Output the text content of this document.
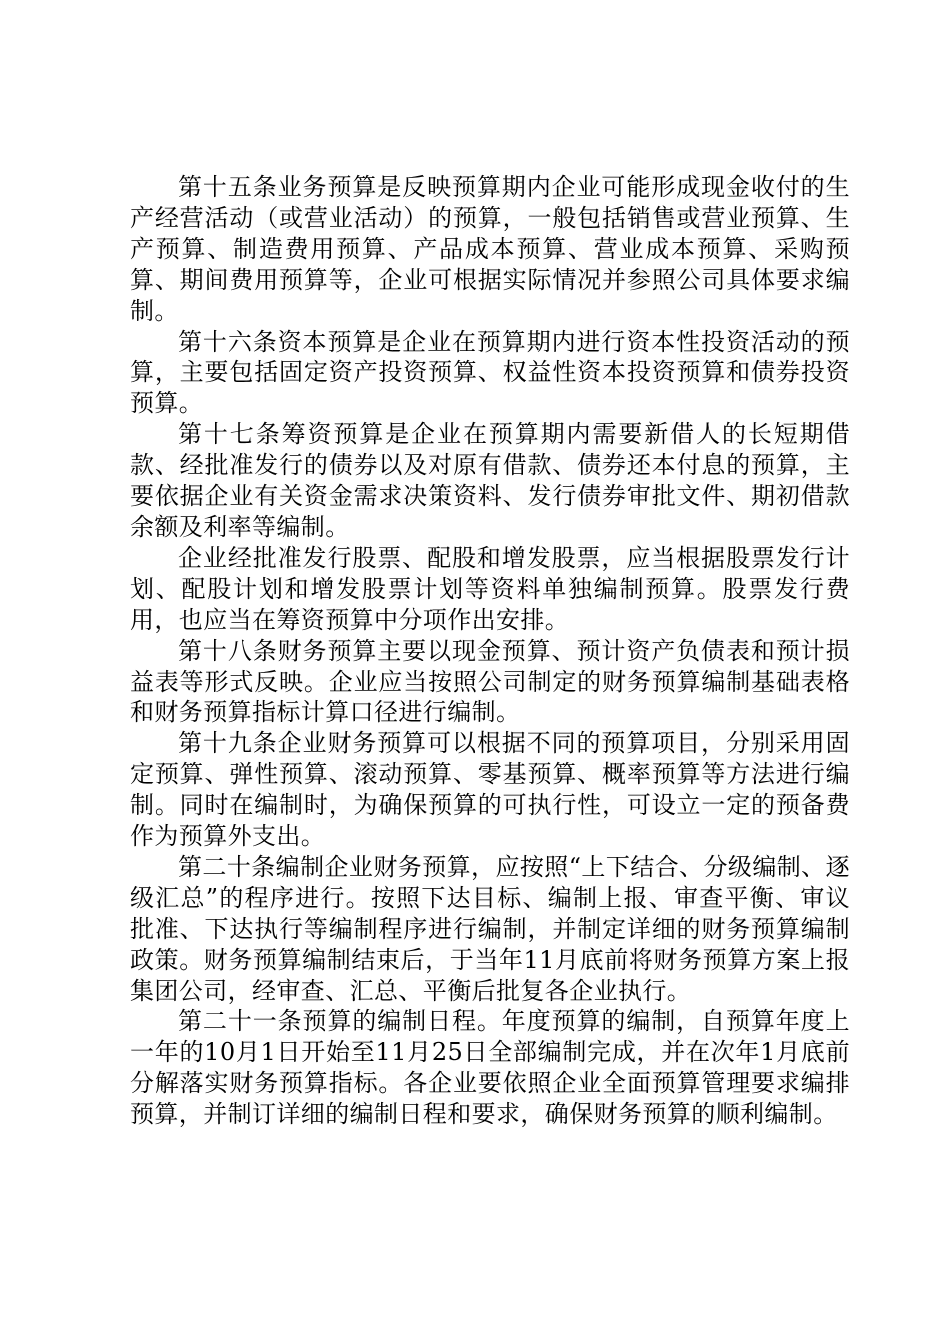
第十五条业务预算是反映预算期内企业可能形成现金收付的生产经营活动（或营业活动）的预算，一般包括销售或营业预算、生产预算、制造费用预算、产品成本预算、营业成本预算、采购预算、期间费用预算等，企业可根据实际情况并参照公司具体要求编制。

第十六条资本预算是企业在预算期内进行资本性投资活动的预算，主要包括固定资产投资预算、权益性资本投资预算和债券投资预算。

第十七条筹资预算是企业在预算期内需要新借人的长短期借款、经批准发行的债券以及对原有借款、债券还本付息的预算，主要依据企业有关资金需求决策资料、发行债券审批文件、期初借款余额及利率等编制。

企业经批准发行股票、配股和增发股票，应当根据股票发行计划、配股计划和增发股票计划等资料单独编制预算。股票发行费用，也应当在筹资预算中分项作出安排。

第十八条财务预算主要以现金预算、预计资产负债表和预计损益表等形式反映。企业应当按照公司制定的财务预算编制基础表格和财务预算指标计算口径进行编制。

第十九条企业财务预算可以根据不同的预算项目，分别采用固定预算、弹性预算、滚动预算、零基预算、概率预算等方法进行编制。同时在编制时，为确保预算的可执行性，可设立一定的预备费作为预算外支出。

第二十条编制企业财务预算，应按照“上下结合、分级编制、逐级汇总”的程序进行。按照下达目标、编制上报、审查平衡、审议批准、下达执行等编制程序进行编制，并制定详细的财务预算编制政策。财务预算编制结束后，于当年11月底前将财务预算方案上报集团公司，经审查、汇总、平衡后批复各企业执行。

第二十一条预算的编制日程。年度预算的编制，自预算年度上一年的10月1日开始至11月25日全部编制完成，并在次年1月底前分解落实财务预算指标。各企业要依照企业全面预算管理要求编排预算，并制订详细的编制日程和要求，确保财务预算的顺利编制。
